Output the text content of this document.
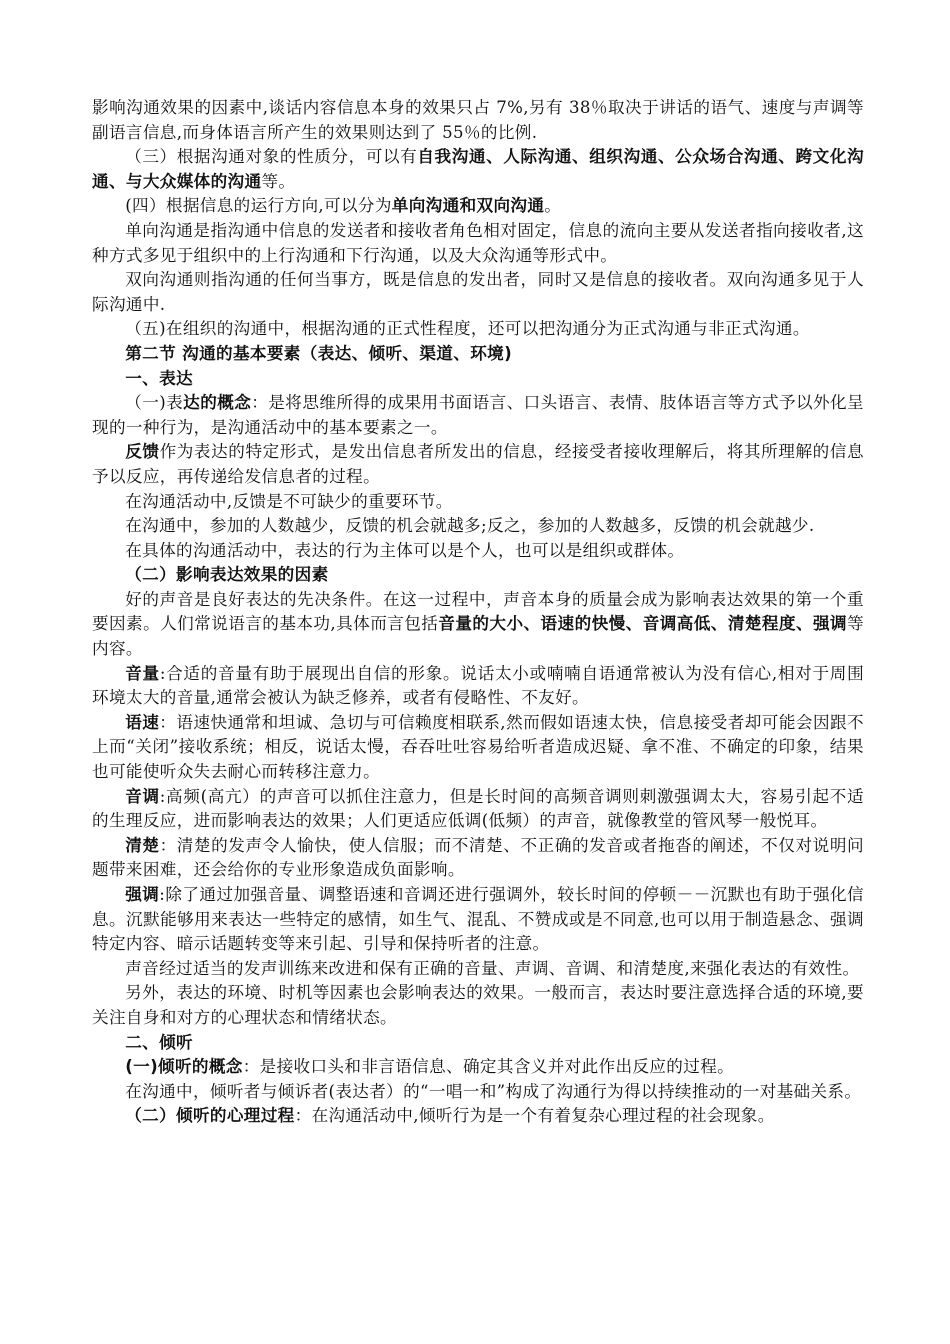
影响沟通效果的因素中,谈话内容信息本身的效果只占 7%,另有 38％取决于讲话的语气、速度与声调等副语言信息,而身体语言所产生的效果则达到了 55％的比例.

（三）根据沟通对象的性质分，可以有自我沟通、人际沟通、组织沟通、公众场合沟通、跨文化沟通、与大众媒体的沟通等。

(四）根据信息的运行方向,可以分为单向沟通和双向沟通。

单向沟通是指沟通中信息的发送者和接收者角色相对固定，信息的流向主要从发送者指向接收者,这种方式多见于组织中的上行沟通和下行沟通，以及大众沟通等形式中。

双向沟通则指沟通的任何当事方，既是信息的发出者，同时又是信息的接收者。双向沟通多见于人际沟通中.

（五)在组织的沟通中，根据沟通的正式性程度，还可以把沟通分为正式沟通与非正式沟通。

第二节 沟通的基本要素（表达、倾听、渠道、环境)

一、表达

（一)表达的概念：是将思维所得的成果用书面语言、口头语言、表情、肢体语言等方式予以外化呈现的一种行为，是沟通活动中的基本要素之一。

反馈作为表达的特定形式，是发出信息者所发出的信息，经接受者接收理解后，将其所理解的信息予以反应，再传递给发信息者的过程。

在沟通活动中,反馈是不可缺少的重要环节。

在沟通中，参加的人数越少，反馈的机会就越多;反之，参加的人数越多，反馈的机会就越少.

在具体的沟通活动中，表达的行为主体可以是个人，也可以是组织或群体。

（二）影响表达效果的因素

好的声音是良好表达的先决条件。在这一过程中，声音本身的质量会成为影响表达效果的第一个重要因素。人们常说语言的基本功,具体而言包括音量的大小、语速的快慢、音调高低、清楚程度、强调等内容。

音量:合适的音量有助于展现出自信的形象。说话太小或喃喃自语通常被认为没有信心,相对于周围环境太大的音量,通常会被认为缺乏修养，或者有侵略性、不友好。

语速：语速快通常和坦诚、急切与可信赖度相联系,然而假如语速太快，信息接受者却可能会因跟不上而“关闭”接收系统；相反，说话太慢，吞吞吐吐容易给听者造成迟疑、拿不准、不确定的印象，结果也可能使听众失去耐心而转移注意力。

音调:高频(高亢）的声音可以抓住注意力，但是长时间的高频音调则刺激强调太大，容易引起不适的生理反应，进而影响表达的效果；人们更适应低调(低频）的声音，就像教堂的管风琴一般悦耳。

清楚：清楚的发声令人愉快，使人信服；而不清楚、不正确的发音或者拖沓的阐述，不仅对说明问题带来困难，还会给你的专业形象造成负面影响。

强调:除了通过加强音量、调整语速和音调还进行强调外，较长时间的停顿－－沉默也有助于强化信息。沉默能够用来表达一些特定的感情，如生气、混乱、不赞成或是不同意,也可以用于制造悬念、强调特定内容、暗示话题转变等来引起、引导和保持听者的注意。

声音经过适当的发声训练来改进和保有正确的音量、声调、音调、和清楚度,来强化表达的有效性。

另外，表达的环境、时机等因素也会影响表达的效果。一般而言，表达时要注意选择合适的环境,要关注自身和对方的心理状态和情绪状态。

二、倾听

(一)倾听的概念：是接收口头和非言语信息、确定其含义并对此作出反应的过程。

在沟通中，倾听者与倾诉者(表达者）的“一唱一和”构成了沟通行为得以持续推动的一对基础关系。

（二）倾听的心理过程：在沟通活动中,倾听行为是一个有着复杂心理过程的社会现象。
